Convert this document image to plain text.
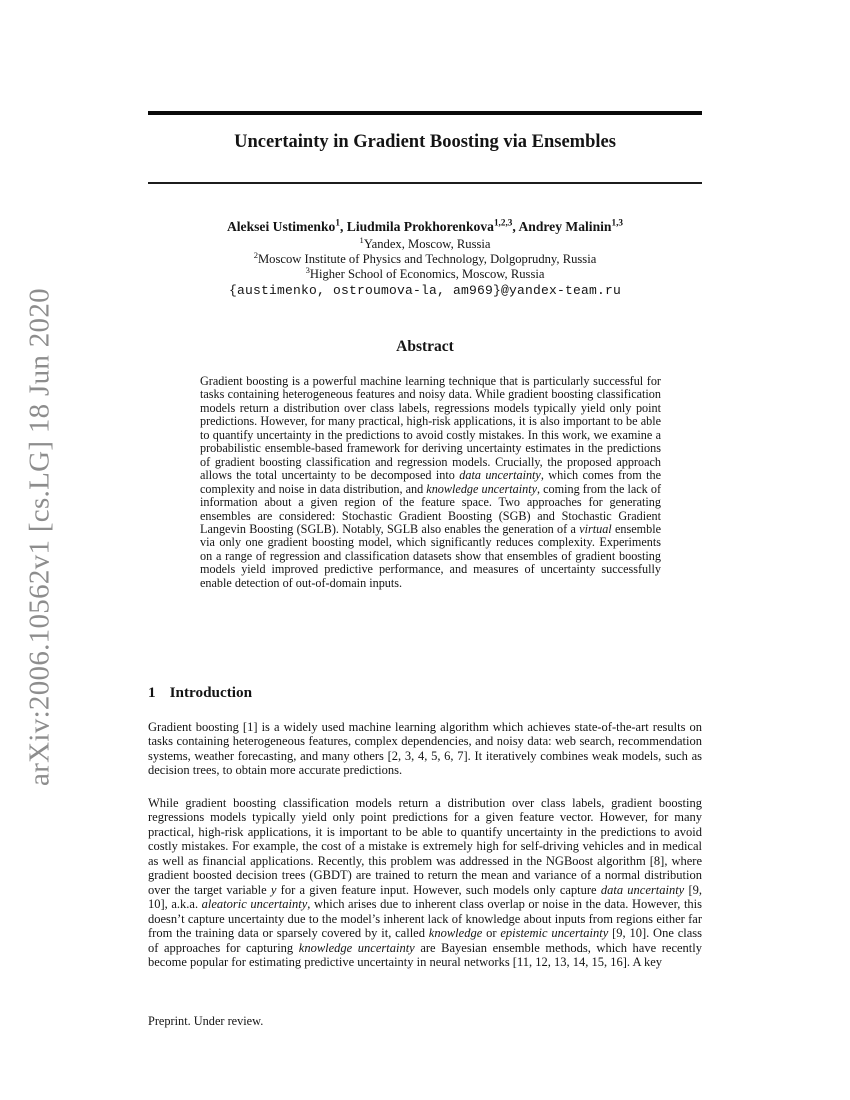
arXiv:2006.10562v1 [cs.LG] 18 Jun 2020
Uncertainty in Gradient Boosting via Ensembles
Aleksei Ustimenko$^1$, Liudmila Prokhorenkova$^{1,2,3}$, Andrey Malinin$^{1,3}$
$^1$Yandex, Moscow, Russia
$^2$Moscow Institute of Physics and Technology, Dolgoprudny, Russia
$^3$Higher School of Economics, Moscow, Russia
{austimenko, ostroumova-la, am969}@yandex-team.ru
Abstract

Gradient boosting is a powerful machine learning technique that is particularly successful for tasks containing heterogeneous features and noisy data. While gradient boosting classification models return a distribution over class labels, regressions models typically yield only point predictions. However, for many practical, high-risk applications, it is also important to be able to quantify uncertainty in the predictions to avoid costly mistakes. In this work, we examine a probabilistic ensemble-based framework for deriving uncertainty estimates in the predictions of gradient boosting classification and regression models. Crucially, the proposed approach allows the total uncertainty to be decomposed into data uncertainty, which comes from the complexity and noise in data distribution, and knowledge uncertainty, coming from the lack of information about a given region of the feature space. Two approaches for generating ensembles are considered: Stochastic Gradient Boosting (SGB) and Stochastic Gradient Langevin Boosting (SGLB). Notably, SGLB also enables the generation of a virtual ensemble via only one gradient boosting model, which significantly reduces complexity. Experiments on a range of regression and classification datasets show that ensembles of gradient boosting models yield improved predictive performance, and measures of uncertainty successfully enable detection of out-of-domain inputs.

1 Introduction

Gradient boosting [1] is a widely used machine learning algorithm which achieves state-of-the-art results on tasks containing heterogeneous features, complex dependencies, and noisy data: web search, recommendation systems, weather forecasting, and many others [2, 3, 4, 5, 6, 7]. It iteratively combines weak models, such as decision trees, to obtain more accurate predictions.

While gradient boosting classification models return a distribution over class labels, gradient boosting regressions models typically yield only point predictions for a given feature vector. However, for many practical, high-risk applications, it is important to be able to quantify uncertainty in the predictions to avoid costly mistakes. For example, the cost of a mistake is extremely high for self-driving vehicles and in medical as well as financial applications. Recently, this problem was addressed in the NGBoost algorithm [8], where gradient boosted decision trees (GBDT) are trained to return the mean and variance of a normal distribution over the target variable y for a given feature input. However, such models only capture data uncertainty [9, 10], a.k.a. aleatoric uncertainty, which arises due to inherent class overlap or noise in the data. However, this doesn’t capture uncertainty due to the model’s inherent lack of knowledge about inputs from regions either far from the training data or sparsely covered by it, called knowledge or epistemic uncertainty [9, 10]. One class of approaches for capturing knowledge uncertainty are Bayesian ensemble methods, which have recently become popular for estimating predictive uncertainty in neural networks [11, 12, 13, 14, 15, 16]. A key

Preprint. Under review.
